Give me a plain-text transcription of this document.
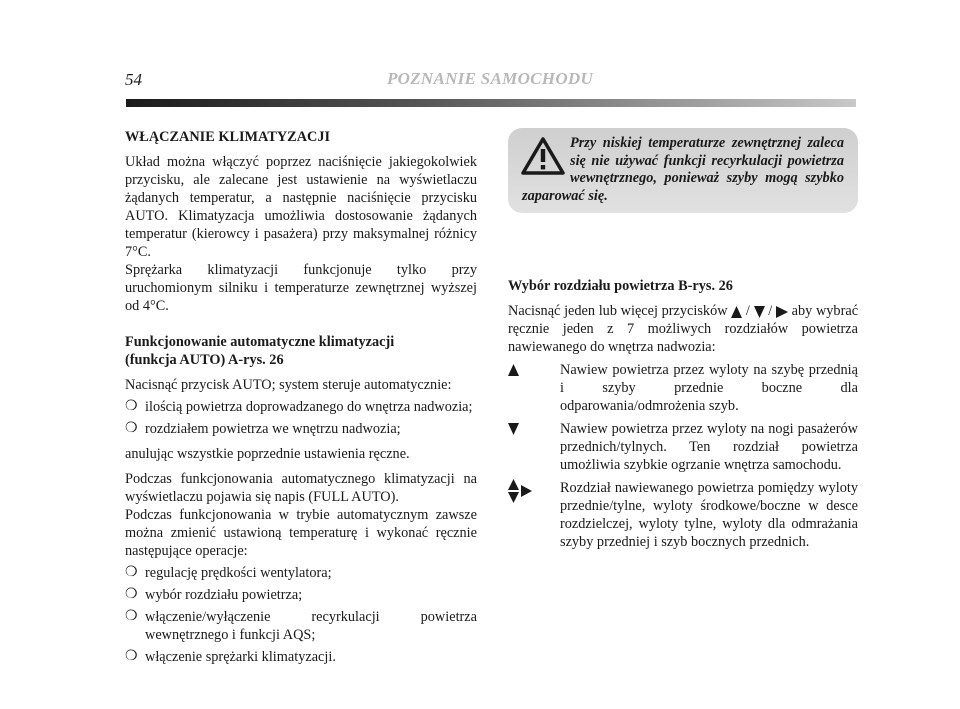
54	POZNANIE SAMOCHODU
WŁĄCZANIE KLIMATYZACJI

Układ można włączyć poprzez naciśnięcie jakiegokolwiek przycisku, ale zalecane jest ustawienie na wyświetlaczu żądanych temperatur, a następnie naciśnięcie przycisku AUTO. Klimatyzacja umożliwia dostosowanie żądanych temperatur (kierowcy i pasażera) przy maksymalnej różnicy 7°C.

Sprężarka klimatyzacji funkcjonuje tylko przy uruchomionym silniku i temperaturze zewnętrznej wyższej od 4°C.

Funkcjonowanie automatyczne klimatyzacji
(funkcja AUTO) A-rys. 26

Nacisnąć przycisk AUTO; system steruje automatycznie:

❍ ilością powietrza doprowadzanego do wnętrza nadwozia;
❍ rozdziałem powietrza we wnętrzu nadwozia;

anulując wszystkie poprzednie ustawienia ręczne.

Podczas funkcjonowania automatycznego klimatyzacji na wyświetlaczu pojawia się napis (FULL AUTO).

Podczas funkcjonowania w trybie automatycznym zawsze można zmienić ustawioną temperaturę i wykonać ręcznie następujące operacje:

❍ regulację prędkości wentylatora;
❍ wybór rozdziału powietrza;
❍ włączenie/wyłączenie recyrkulacji powietrza wewnętrznego i funkcji AQS;
❍ włączenie sprężarki klimatyzacji.
Przy niskiej temperaturze zewnętrznej zaleca się nie używać funkcji recyrkulacji powietrza wewnętrznego, ponieważ szyby mogą szybko zaparować się.
Wybór rozdziału powietrza B-rys. 26

Nacisnąć jeden lub więcej przycisków / / aby wybrać ręcznie jeden z 7 możliwych rozdziałów powietrza nawiewanego do wnętrza nadwozia:

Nawiew powietrza przez wyloty na szybę przednią i szyby przednie boczne dla odparowania/odmrożenia szyb.
Nawiew powietrza przez wyloty na nogi pasażerów przednich/tylnych. Ten rozdział powietrza umożliwia szybkie ogrzanie wnętrza samochodu.
Rozdział nawiewanego powietrza pomiędzy wyloty przednie/tylne, wyloty środkowe/boczne w desce rozdzielczej, wyloty tylne, wyloty dla odmrażania szyby przedniej i szyb bocznych przednich.
